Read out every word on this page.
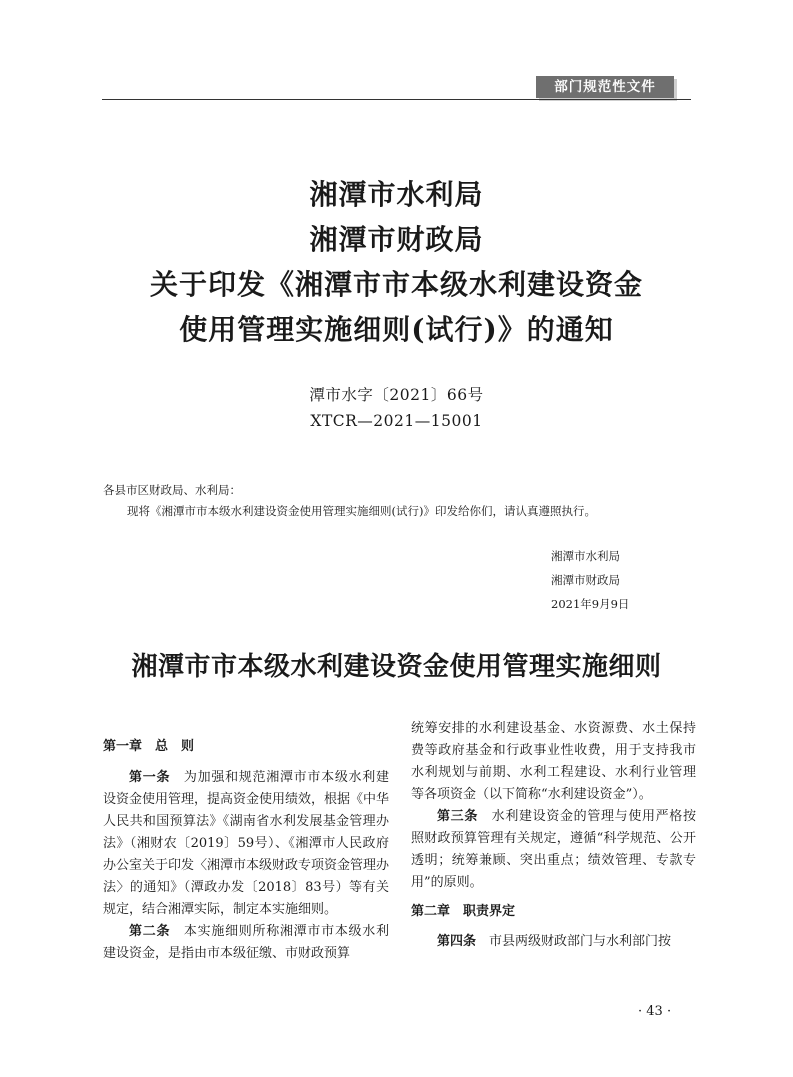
部门规范性文件
湘潭市水利局
湘潭市财政局
关于印发《湘潭市市本级水利建设资金
使用管理实施细则(试行)》的通知
潭市水字〔2021〕66号
XTCR—2021—15001
各县市区财政局、水利局：
现将《湘潭市市本级水利建设资金使用管理实施细则(试行)》印发给你们，请认真遵照执行。
湘潭市水利局
湘潭市财政局
2021年9月9日
湘潭市市本级水利建设资金使用管理实施细则

第一章　总　则

第一条　 为加强和规范湘潭市市本级水利建设资金使用管理，提高资金使用绩效，根据《中华人民共和国预算法》《湖南省水利发展基金管理办法》（湘财农〔2019〕59号）、《湘潭市人民政府办公室关于印发〈湘潭市本级财政专项资金管理办法〉的通知》（潭政办发〔2018〕83号）等有关规定，结合湘潭实际，制定本实施细则。

第二条　 本实施细则所称湘潭市市本级水利建设资金，是指由市本级征缴、市财政预算

统筹安排的水利建设基金、水资源费、水土保持费等政府基金和行政事业性收费，用于支持我市水利规划与前期、水利工程建设、水利行业管理等各项资金（以下简称“水利建设资金”）。

第三条　 水利建设资金的管理与使用严格按照财政预算管理有关规定，遵循“科学规范、公开透明；统筹兼顾、突出重点；绩效管理、专款专用”的原则。

第二章　职责界定

第四条　 市县两级财政部门与水利部门按

· 43 ·
